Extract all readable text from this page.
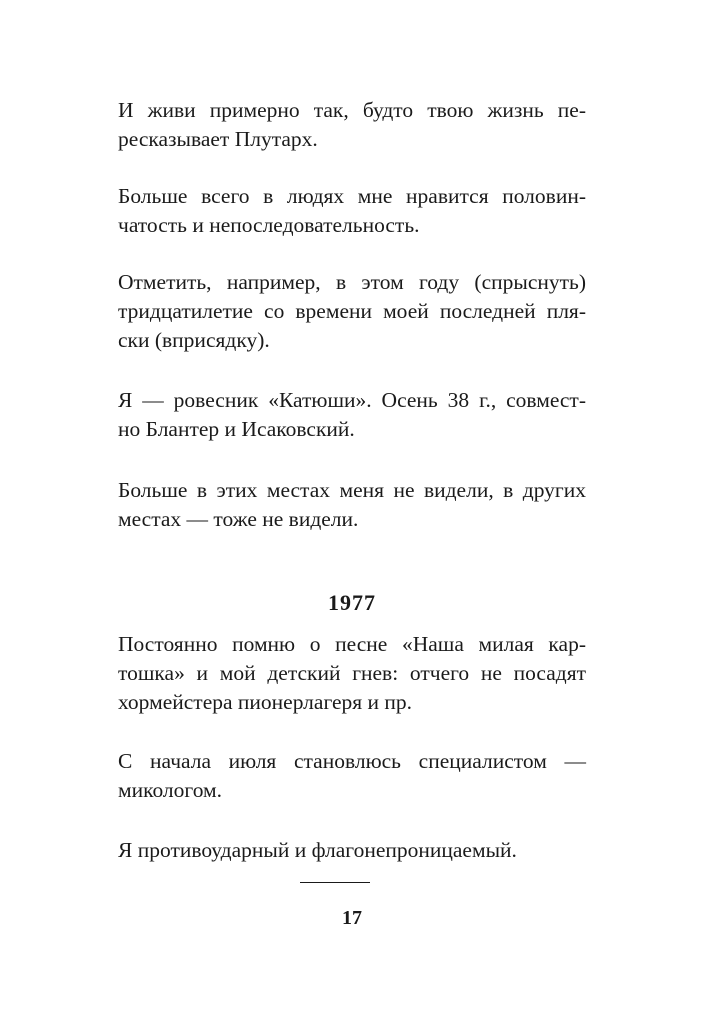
И живи примерно так, будто твою жизнь пе-
ресказывает Плутарх.

Больше всего в людях мне нравится половин-
чатость и непоследовательность.

Отметить, например, в этом году (спрыснуть)
тридцатилетие со времени моей последней пля-
ски (вприсядку).

Я — ровесник «Катюши». Осень 38 г., совмест-
но Блантер и Исаковский.

Больше в этих местах меня не видели, в других
местах — тоже не видели.

1977

Постоянно помню о песне «Наша милая кар-
тошка» и мой детский гнев: отчего не посадят
хормейстера пионерлагеря и пр.

С начала июля становлюсь специалистом —
микологом.

Я противоударный и флагонепроницаемый.

17
